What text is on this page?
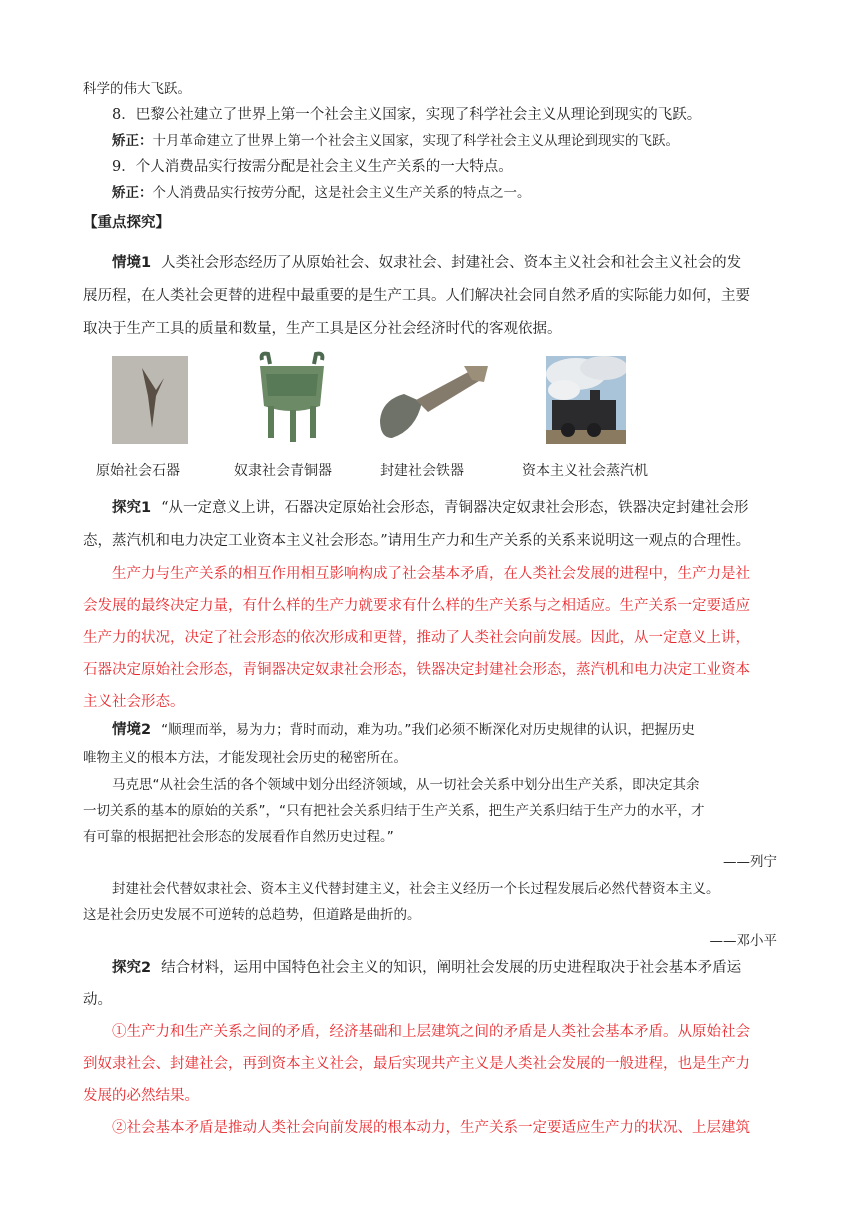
科学的伟大飞跃。
8．巴黎公社建立了世界上第一个社会主义国家，实现了科学社会主义从理论到现实的飞跃。
矫正：十月革命建立了世界上第一个社会主义国家，实现了科学社会主义从理论到现实的飞跃。
9．个人消费品实行按需分配是社会主义生产关系的一大特点。
矫正：个人消费品实行按劳分配，这是社会主义生产关系的特点之一。
【重点探究】
情境1 人类社会形态经历了从原始社会、奴隶社会、封建社会、资本主义社会和社会主义社会的发
展历程，在人类社会更替的进程中最重要的是生产工具。人们解决社会同自然矛盾的实际能力如何，主要
取决于生产工具的质量和数量，生产工具是区分社会经济时代的客观依据。
原始社会石器	奴隶社会青铜器	封建社会铁器	资本主义社会蒸汽机
探究1 “从一定意义上讲，石器决定原始社会形态，青铜器决定奴隶社会形态，铁器决定封建社会形
态，蒸汽机和电力决定工业资本主义社会形态。”请用生产力和生产关系的关系来说明这一观点的合理性。
生产力与生产关系的相互作用相互影响构成了社会基本矛盾，在人类社会发展的进程中，生产力是社
会发展的最终决定力量，有什么样的生产力就要求有什么样的生产关系与之相适应。生产关系一定要适应
生产力的状况，决定了社会形态的依次形成和更替，推动了人类社会向前发展。因此，从一定意义上讲，
石器决定原始社会形态，青铜器决定奴隶社会形态，铁器决定封建社会形态，蒸汽机和电力决定工业资本
主义社会形态。
情境2 “顺理而举，易为力；背时而动，难为功。”我们必须不断深化对历史规律的认识，把握历史
唯物主义的根本方法，才能发现社会历史的秘密所在。
马克思“从社会生活的各个领域中划分出经济领域，从一切社会关系中划分出生产关系，即决定其余
一切关系的基本的原始的关系”，“只有把社会关系归结于生产关系，把生产关系归结于生产力的水平，才
有可靠的根据把社会形态的发展看作自然历史过程。”
——列宁
封建社会代替奴隶社会、资本主义代替封建主义，社会主义经历一个长过程发展后必然代替资本主义。
这是社会历史发展不可逆转的总趋势，但道路是曲折的。
——邓小平
探究2 结合材料，运用中国特色社会主义的知识，阐明社会发展的历史进程取决于社会基本矛盾运
动。
①生产力和生产关系之间的矛盾，经济基础和上层建筑之间的矛盾是人类社会基本矛盾。从原始社会
到奴隶社会、封建社会，再到资本主义社会，最后实现共产主义是人类社会发展的一般进程，也是生产力
发展的必然结果。
②社会基本矛盾是推动人类社会向前发展的根本动力，生产关系一定要适应生产力的状况、上层建筑
